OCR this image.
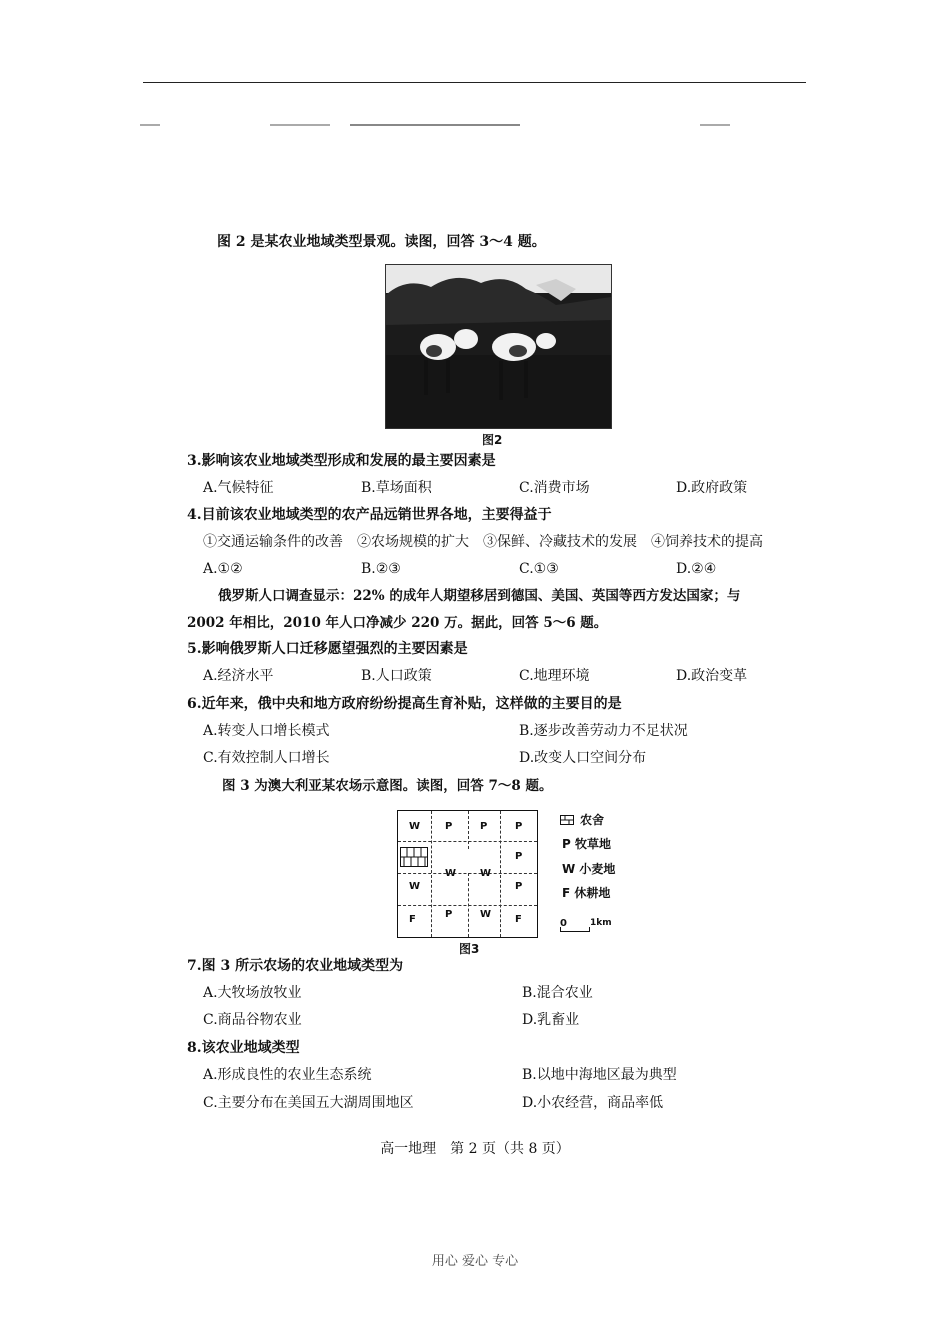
图 2 是某农业地域类型景观。读图，回答 3～4 题。
图2
3.影响该农业地域类型形成和发展的最主要因素是
A.气候特征	B.草场面积	C.消费市场	D.政府政策
4.目前该农业地域类型的农产品远销世界各地，主要得益于
①交通运输条件的改善　②农场规模的扩大　③保鲜、冷藏技术的发展　④饲养技术的提高
A.①②	B.②③	C.①③	D.②④
俄罗斯人口调查显示：22% 的成年人期望移居到德国、美国、英国等西方发达国家；与
2002 年相比，2010 年人口净减少 220 万。据此，回答 5～6 题。
5.影响俄罗斯人口迁移愿望强烈的主要因素是
A.经济水平	B.人口政策	C.地理环境	D.政治变革
6.近年来，俄中央和地方政府纷纷提高生育补贴，这样做的主要目的是
A.转变人口增长模式	B.逐步改善劳动力不足状况
C.有效控制人口增长	D.改变人口空间分布
图 3 为澳大利亚某农场示意图。读图，回答 7～8 题。
W P	P	P
P
W W
W	P
F	P	W F
图3
农舍
P 牧草地
W 小麦地
F 休耕地
0	1km
7.图 3 所示农场的农业地域类型为
A.大牧场放牧业	B.混合农业
C.商品谷物农业	D.乳畜业
8.该农业地域类型
A.形成良性的农业生态系统	B.以地中海地区最为典型
C.主要分布在美国五大湖周围地区	D.小农经营，商品率低
高一地理　第 2 页（共 8 页）
用心 爱心 专心
